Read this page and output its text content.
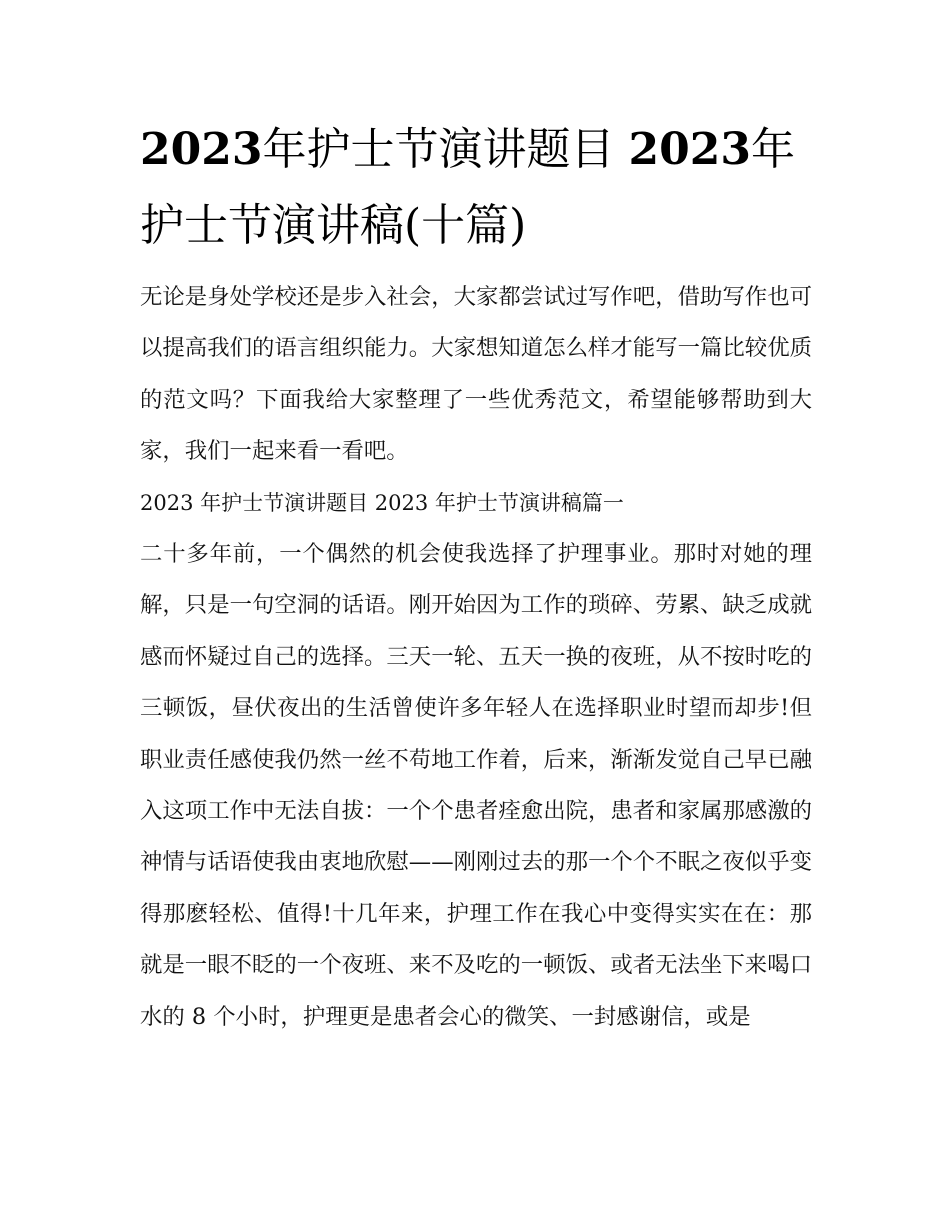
2023年护士节演讲题目 2023年护士节演讲稿(十篇)

无论是身处学校还是步入社会，大家都尝试过写作吧，借助写作也可以提高我们的语言组织能力。大家想知道怎么样才能写一篇比较优质的范文吗？下面我给大家整理了一些优秀范文，希望能够帮助到大家，我们一起来看一看吧。

2023 年护士节演讲题目 2023 年护士节演讲稿篇一

二十多年前，一个偶然的机会使我选择了护理事业。那时对她的理解，只是一句空洞的话语。刚开始因为工作的琐碎、劳累、缺乏成就感而怀疑过自己的选择。三天一轮、五天一换的夜班，从不按时吃的三顿饭，昼伏夜出的生活曾使许多年轻人在选择职业时望而却步!但职业责任感使我仍然一丝不苟地工作着，后来，渐渐发觉自己早已融入这项工作中无法自拔：一个个患者痊愈出院，患者和家属那感激的神情与话语使我由衷地欣慰——刚刚过去的那一个个不眠之夜似乎变得那麽轻松、值得!十几年来，护理工作在我心中变得实实在在：那就是一眼不眨的一个夜班、来不及吃的一顿饭、或者无法坐下来喝口水的 8 个小时，护理更是患者会心的微笑、一封感谢信，或是
